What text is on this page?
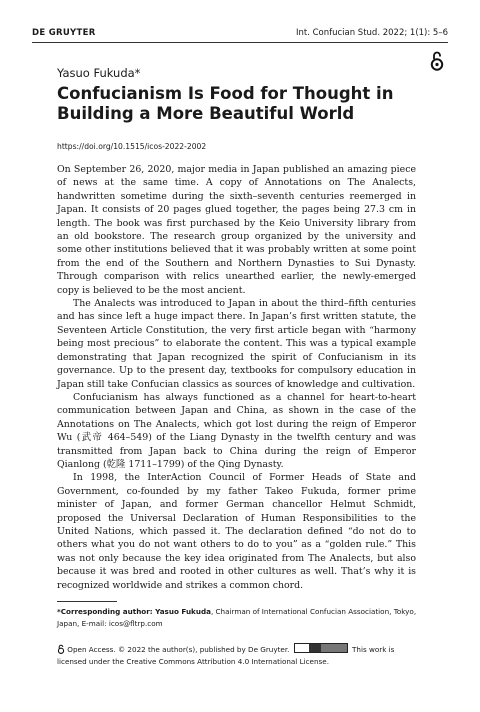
DE GRUYTER	Int. Confucian Stud. 2022; 1(1): 5–6
Yasuo Fukuda*
Confucianism Is Food for Thought in Building a More Beautiful World
https://doi.org/10.1515/icos-2022-2002

On September 26, 2020, major media in Japan published an amazing piece of news at the same time. A copy of Annotations on The Analects, handwritten sometime during the sixth–seventh centuries reemerged in Japan. It consists of 20 pages glued together, the pages being 27.3 cm in length. The book was first purchased by the Keio University library from an old bookstore. The research group organized by the university and some other institutions believed that it was probably written at some point from the end of the Southern and Northern Dynasties to Sui Dynasty. Through comparison with relics unearthed earlier, the newly-emerged copy is believed to be the most ancient.

The Analects was introduced to Japan in about the third–fifth centuries and has since left a huge impact there. In Japan’s first written statute, the Seventeen Article Constitution, the very first article began with “harmony being most precious” to elaborate the content. This was a typical example demonstrating that Japan recognized the spirit of Confucianism in its governance. Up to the present day, textbooks for compulsory education in Japan still take Confucian classics as sources of knowledge and cultivation.

Confucianism has always functioned as a channel for heart-to-heart communication between Japan and China, as shown in the case of the Annotations on The Analects, which got lost during the reign of Emperor Wu (武帝 464–549) of the Liang Dynasty in the twelfth century and was transmitted from Japan back to China during the reign of Emperor Qianlong (乾隆 1711–1799) of the Qing Dynasty.

In 1998, the InterAction Council of Former Heads of State and Government, co-founded by my father Takeo Fukuda, former prime minister of Japan, and former German chancellor Helmut Schmidt, proposed the Universal Declaration of Human Responsibilities to the United Nations, which passed it. The declaration defined “do not do to others what you do not want others to do to you” as a “golden rule.” This was not only because the key idea originated from The Analects, but also because it was bred and rooted in other cultures as well. That’s why it is recognized worldwide and strikes a common chord.

*Corresponding author: Yasuo Fukuda, Chairman of International Confucian Association, Tokyo, Japan, E-mail: icos@fltrp.com
Open Access. © 2022 the author(s), published by De Gruyter.	This work is licensed under the Creative Commons Attribution 4.0 International License.
